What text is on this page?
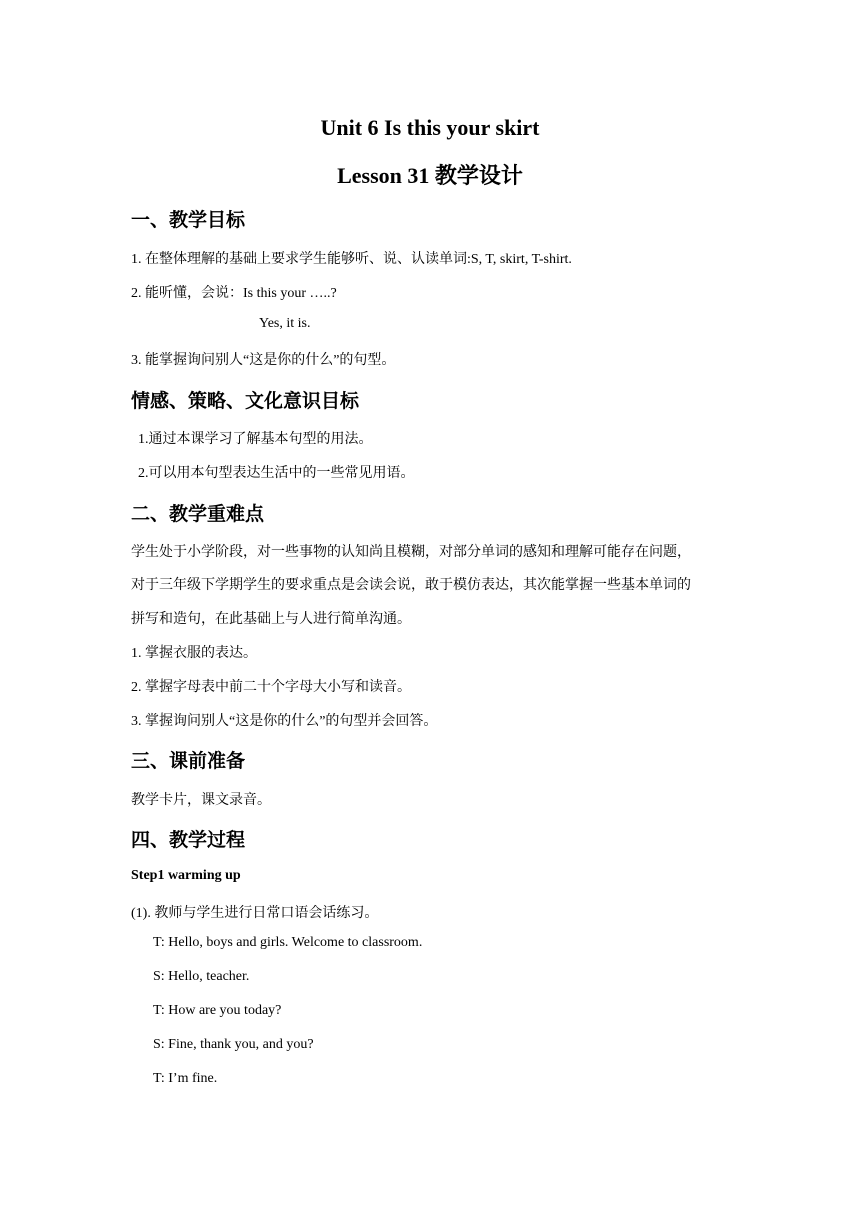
Unit 6 Is this your skirt
Lesson 31 教学设计
一、教学目标
1. 在整体理解的基础上要求学生能够听、说、认读单词:S, T, skirt, T-shirt.
2. 能听懂，会说：Is this your …..?
Yes, it is.
3. 能掌握询问别人“这是你的什么”的句型。
情感、策略、文化意识目标
1.通过本课学习了解基本句型的用法。
2.可以用本句型表达生活中的一些常见用语。
二、教学重难点
学生处于小学阶段，对一些事物的认知尚且模糊，对部分单词的感知和理解可能存在问题，
对于三年级下学期学生的要求重点是会读会说，敢于模仿表达，其次能掌握一些基本单词的
拼写和造句，在此基础上与人进行简单沟通。
1. 掌握衣服的表达。
2. 掌握字母表中前二十个字母大小写和读音。
3. 掌握询问别人“这是你的什么”的句型并会回答。
三、课前准备
教学卡片，课文录音。
四、教学过程
Step1 warming up
(1). 教师与学生进行日常口语会话练习。
T: Hello, boys and girls. Welcome to classroom.
S: Hello, teacher.
T: How are you today?
S: Fine, thank you, and you?
T: I’m fine.
